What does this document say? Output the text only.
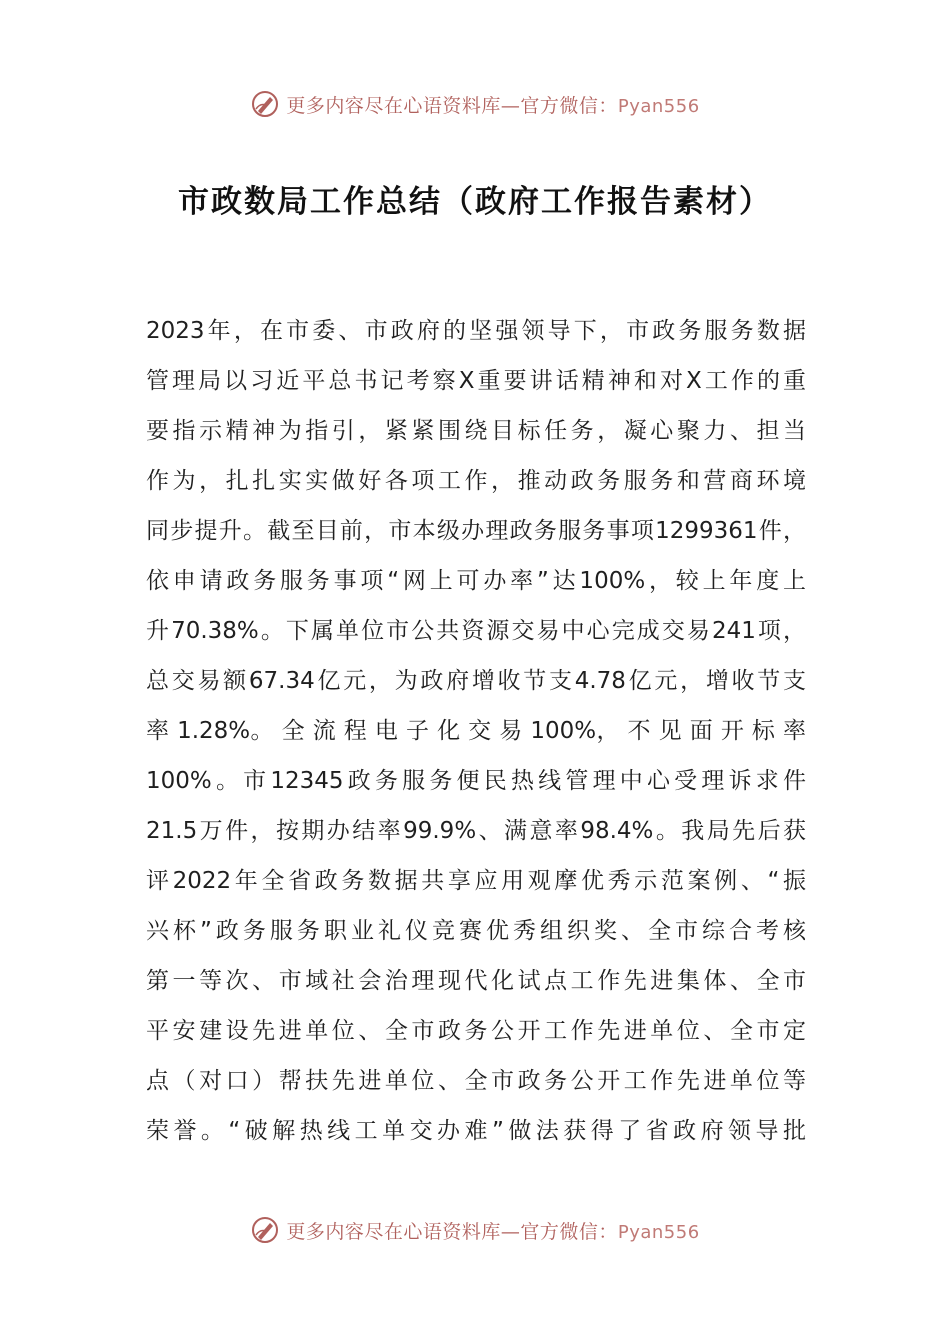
更多内容尽在心语资料库—官方微信：Pyan556
市政数局工作总结（政府工作报告素材）
2023年，在市委、市政府的坚强领导下，市政务服务数据
管理局以习近平总书记考察X重要讲话精神和对X工作的重
要指示精神为指引，紧紧围绕目标任务，凝心聚力、担当
作为，扎扎实实做好各项工作，推动政务服务和营商环境
同步提升。截至目前，市本级办理政务服务事项1299361件，
依申请政务服务事项“网上可办率”达100%，较上年度上
升70.38%。下属单位市公共资源交易中心完成交易241项，
总交易额67.34亿元，为政府增收节支4.78亿元，增收节支
率 1.28%。 全 流 程 电 子 化 交 易 100%， 不 见 面 开 标 率
100%。市12345政务服务便民热线管理中心受理诉求件
21.5万件，按期办结率99.9%、满意率98.4%。我局先后获
评2022年全省政务数据共享应用观摩优秀示范案例、“振
兴杯”政务服务职业礼仪竞赛优秀组织奖、全市综合考核
第一等次、市域社会治理现代化试点工作先进集体、全市
平安建设先进单位、全市政务公开工作先进单位、全市定
点（对口）帮扶先进单位、全市政务公开工作先进单位等
荣誉。“破解热线工单交办难”做法获得了省政府领导批
更多内容尽在心语资料库—官方微信：Pyan556
